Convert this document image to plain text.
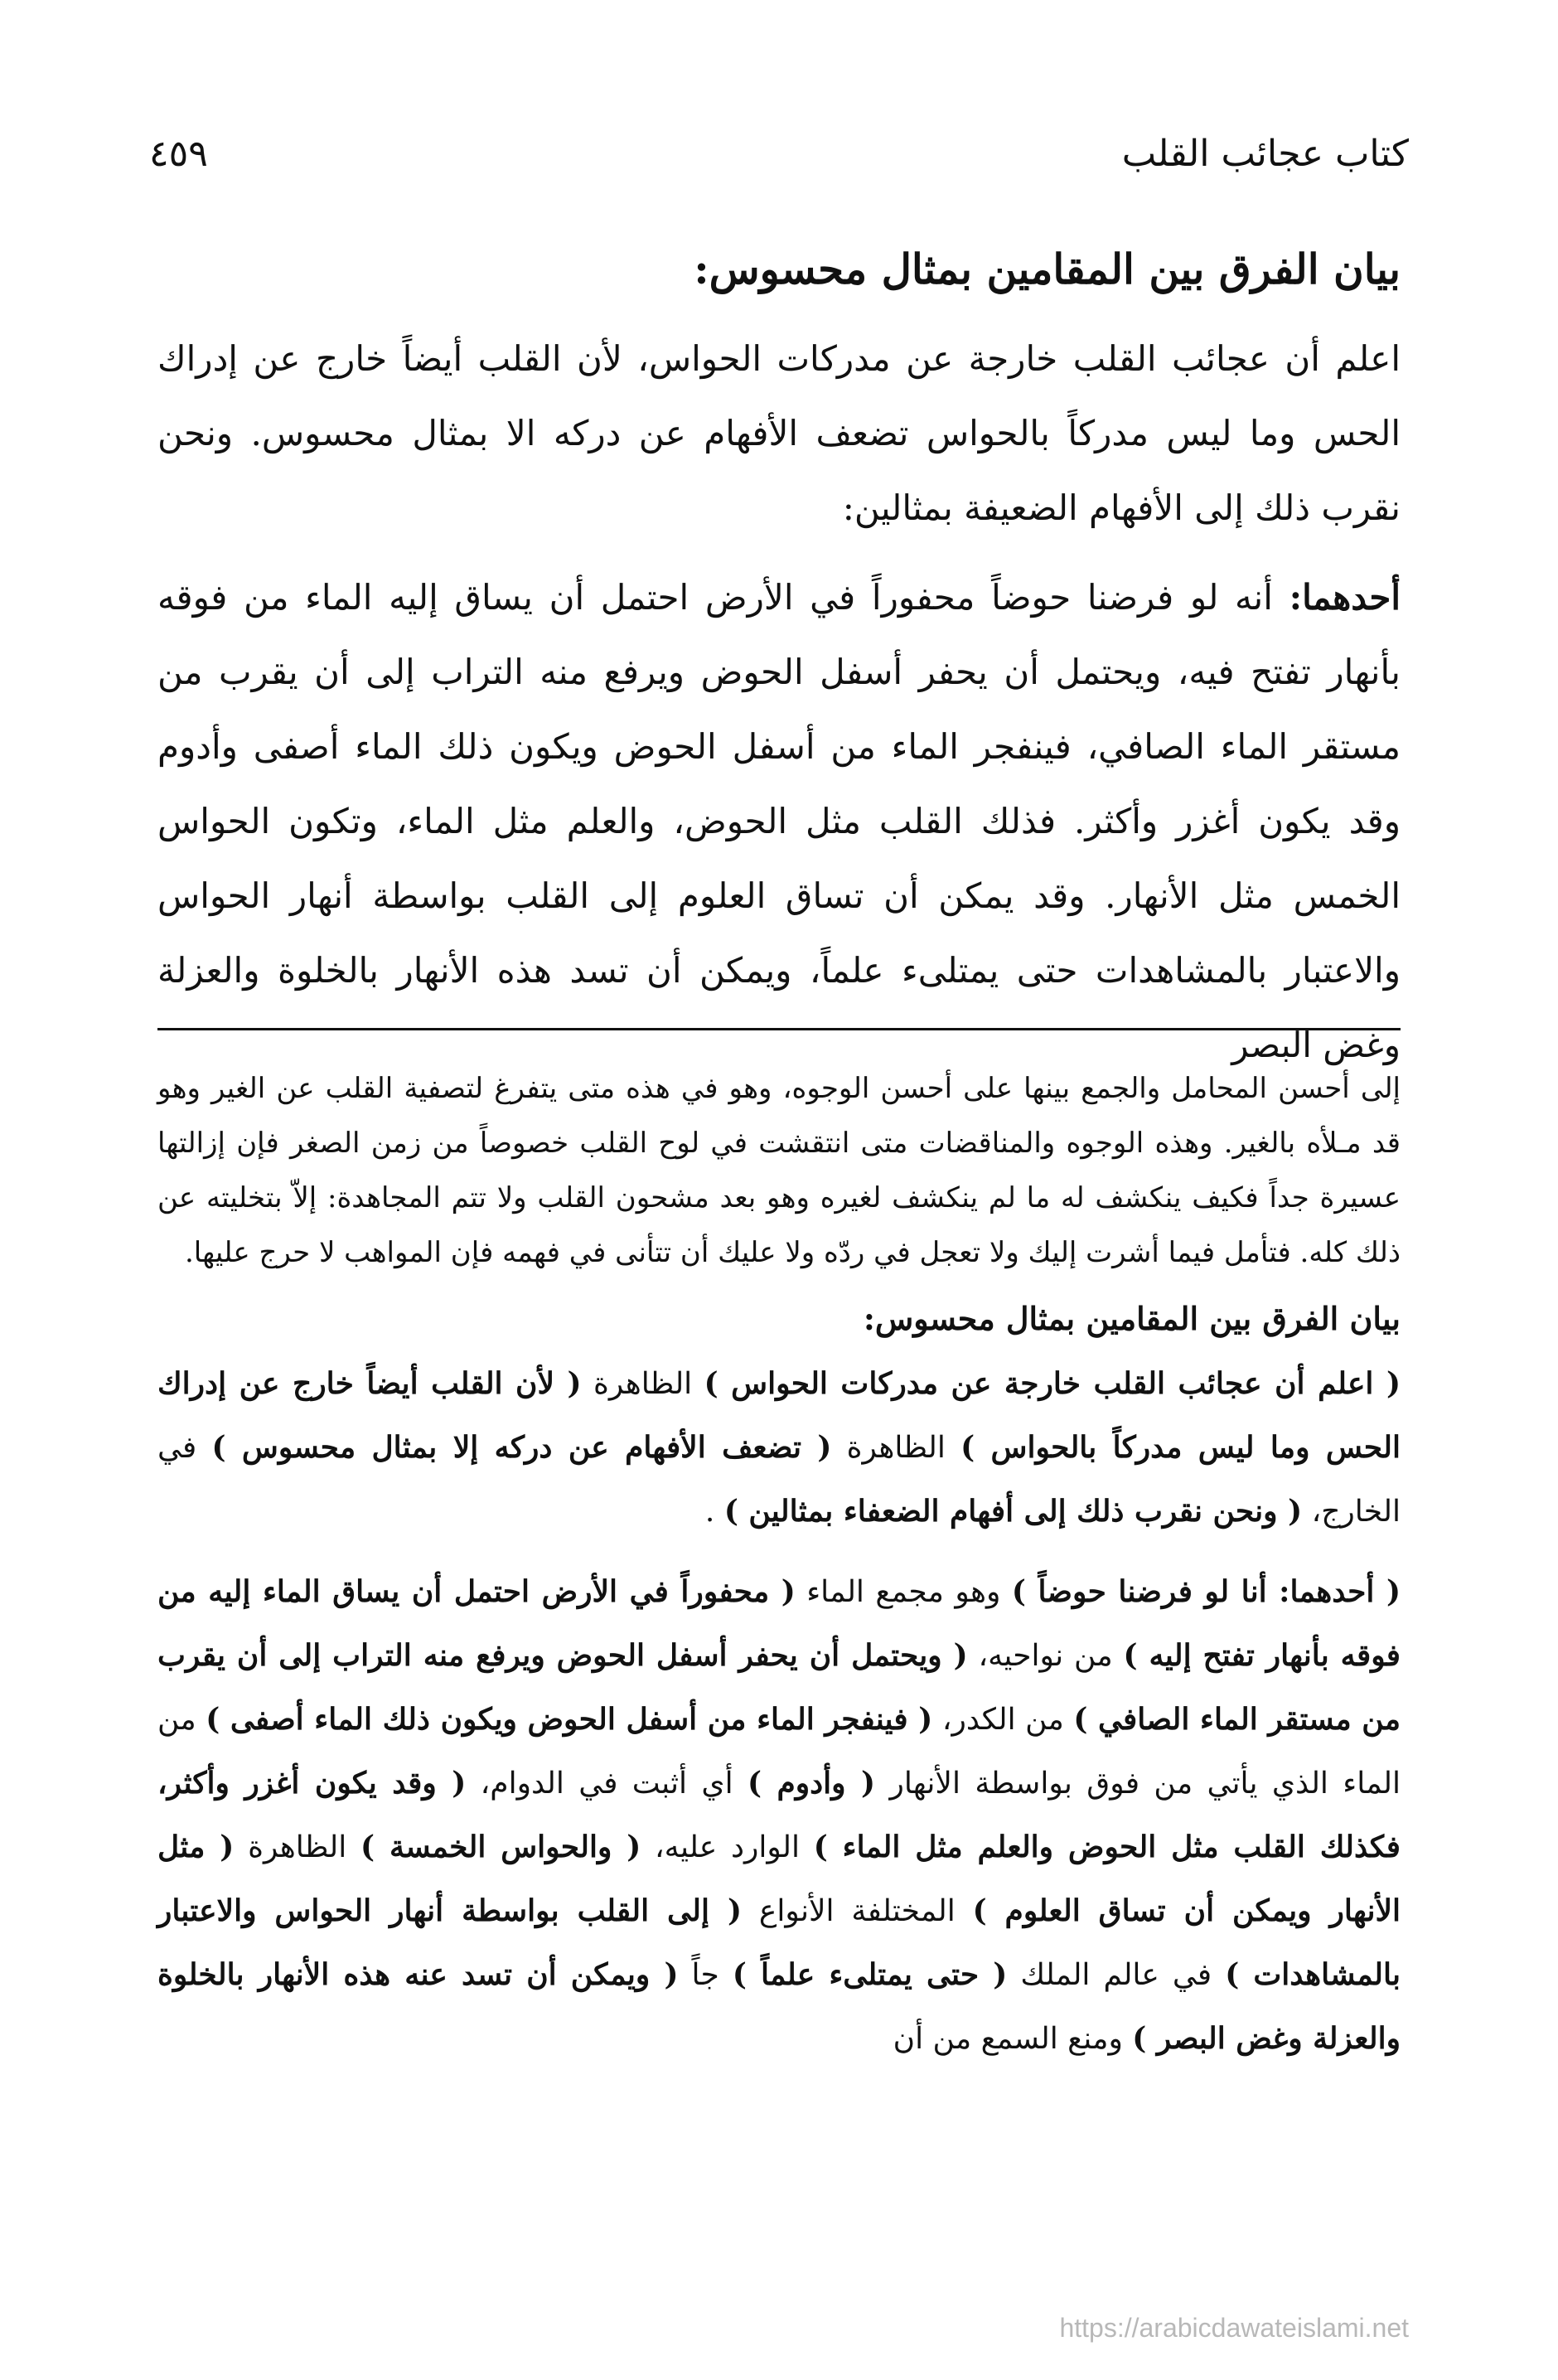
كتاب عجائب القلب
٤٥٩
بيان الفرق بين المقامين بمثال محسوس:

اعلم أن عجائب القلب خارجة عن مدركات الحواس، لأن القلب أيضاً خارج عن إدراك الحس وما ليس مدركاً بالحواس تضعف الأفهام عن دركه الا بمثال محسوس. ونحن نقرب ذلك إلى الأفهام الضعيفة بمثالين:

أحدهما: أنه لو فرضنا حوضاً محفوراً في الأرض احتمل أن يساق إليه الماء من فوقه بأنهار تفتح فيه، ويحتمل أن يحفر أسفل الحوض ويرفع منه التراب إلى أن يقرب من مستقر الماء الصافي، فينفجر الماء من أسفل الحوض ويكون ذلك الماء أصفى وأدوم وقد يكون أغزر وأكثر. فذلك القلب مثل الحوض، والعلم مثل الماء، وتكون الحواس الخمس مثل الأنهار. وقد يمكن أن تساق العلوم إلى القلب بواسطة أنهار الحواس والاعتبار بالمشاهدات حتى يمتلىء علماً، ويمكن أن تسد هذه الأنهار بالخلوة والعزلة وغض البصر

إلى أحسن المحامل والجمع بينها على أحسن الوجوه، وهو في هذه متى يتفرغ لتصفية القلب عن الغير وهو قد مـلأه بالغير. وهذه الوجوه والمناقضات متى انتقشت في لوح القلب خصوصاً من زمن الصغر فإن إزالتها عسيرة جداً فكيف ينكشف له ما لم ينكشف لغيره وهو بعد مشحون القلب ولا تتم المجاهدة: إلاّ بتخليته عن ذلك كله. فتأمل فيما أشرت إليك ولا تعجل في ردّه ولا عليك أن تتأنى في فهمه فإن المواهب لا حرج عليها.

بيان الفرق بين المقامين بمثال محسوس:

( اعلم أن عجائب القلب خارجة عن مدركات الحواس ) الظاهرة ( لأن القلب أيضاً خارج عن إدراك الحس وما ليس مدركاً بالحواس ) الظاهرة ( تضعف الأفهام عن دركه إلا بمثال محسوس ) في الخارج، ( ونحن نقرب ذلك إلى أفهام الضعفاء بمثالين ) .

( أحدهما: أنا لو فرضنا حوضاً ) وهو مجمع الماء ( محفوراً في الأرض احتمل أن يساق الماء إليه من فوقه بأنهار تفتح إليه ) من نواحيه، ( ويحتمل أن يحفر أسفل الحوض ويرفع منه التراب إلى أن يقرب من مستقر الماء الصافي ) من الكدر، ( فينفجر الماء من أسفل الحوض ويكون ذلك الماء أصفى ) من الماء الذي يأتي من فوق بواسطة الأنهار ( وأدوم ) أي أثبت في الدوام، ( وقد يكون أغزر وأكثر، فكذلك القلب مثل الحوض والعلم مثل الماء ) الوارد عليه، ( والحواس الخمسة ) الظاهرة ( مثل الأنهار ويمكن أن تساق العلوم ) المختلفة الأنواع ( إلى القلب بواسطة أنهار الحواس والاعتبار بالمشاهدات ) في عالم الملك ( حتى يمتلىء علماً ) جاً ( ويمكن أن تسد عنه هذه الأنهار بالخلوة والعزلة وغض البصر ) ومنع السمع من أن

https://arabicdawateislami.net
